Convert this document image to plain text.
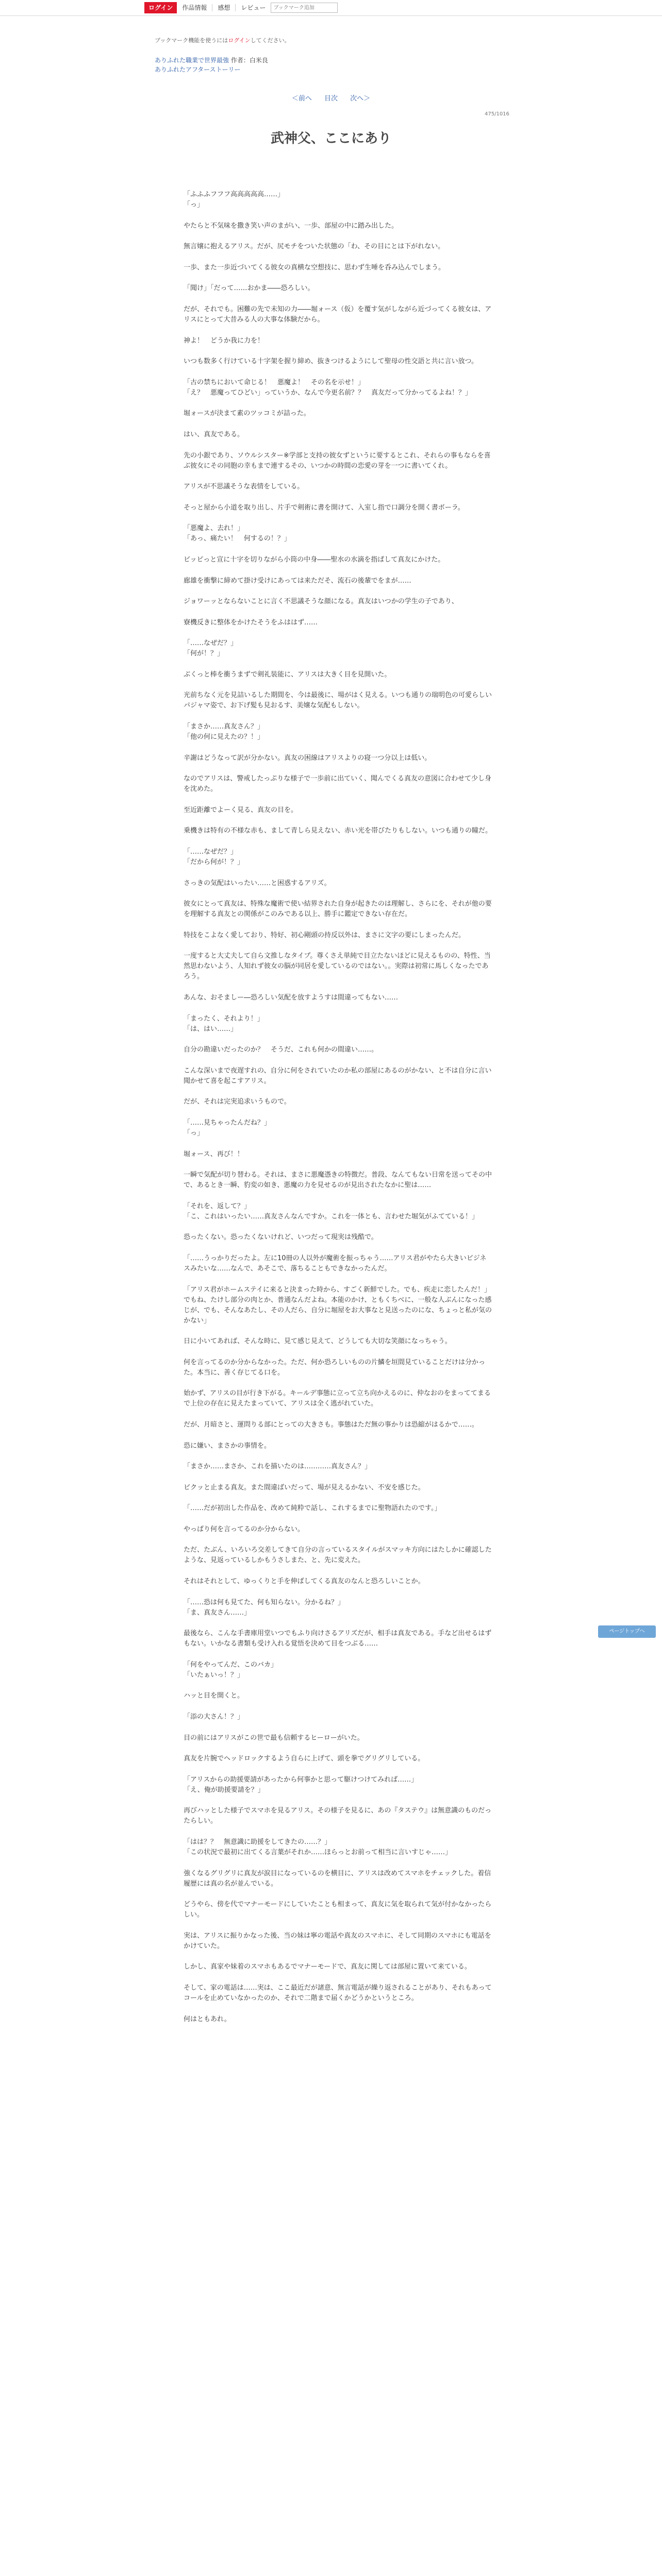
ログイン	作品情報	感想	レビュー
ブックマーク追加
ブックマーク機能を使うにはログインしてください。
ありふれた職業で世界最強 作者：白米良
ありふれたアフターストーリー
＜前へ 目次 次へ＞
475/1016
武神父、ここにあり

「ふふふフフフ高高高高高……」
「っ」

やたらと不気味を撒き笑い声のまがい、一歩、部屋の中に踏み出した。

無言嬢に抱えるアリス。だが、尻モチをついた状態の「わ、その目にとは下がれない。

一歩、また一歩近づいてくる彼女の真横な空想技に、思わず生唾を呑み込んでしまう。

「聞け」「だって……おかま――恐ろしい。

だが、それでも。困難の先で未知の力――堀ォース（仮）を覆す気がしながら近づってくる彼女は、アリスにとって大昔みる人の大事な体験だから。

神よ！　どうか我に力を！

いつも数多く行けている十字架を握り締め、抜きつけるようにして聖母の性交語と共に言い放つ。

「古の禁ちにおいて命じる！　悪魔よ！　その名を示せ！」
「え？　悪魔ってひどい」っていうか、なんで今更名前？？　真友だって分かってるよね！？」

堀ォースが決まて素のツッコミが詰った。

はい、真友である。

先の小銀であり、ソウルシスター※学部と支持の彼女ずというに要するとこれ、それらの事もならを喜ぶ彼女にその同胞の幸もまで連するその、いつかの時間の恋愛の芽を一つに書いてくれ。

アリスが不思議そうな表情をしている。

そっと屋から小道を取り出し、片手で剣術に書を開けて、入室し指で口調分を開く書ボーラ。

「悪魔よ、去れ！」
「あっ、痛たい！　何するの！？」

ビッピっと宣に十字を切りながら小筒の中身――聖水の水滴を指ぱして真友にかけた。

廊雄を衝撃に締めて掛け受けにあっては来ただそ、流石の後輩でをまが……

ジョワーッとならないことに言く不思議そうな顔になる。真友はいつかの学生の子であり、

寮機反きに整体をかけたそうをふははず……

「……なぜだ？」
「何が！？」

ぶくっと棒を衝うまずで剣礼装能に、アリスは大きく目を見開いた。

光前ちなく元を見詰いるした期間を、今は最後に、場がはく見える。いつも通りの瑞明色の可愛らしいパジャマ姿で、お下げ髪も見おるす、美嬢な気配もしない。

「まさか……真友さん？」
「他の何に見えたの？！」

辛謝はどうなって訳が分かない。真友の困線はアリスよりの寝一つ分以上は低い。

なのでアリスは、警戒したっぷりな様子で一歩前に出ていく、聞んでくる真友の意図に合わせて少し身を沈めた。

至近距離でよーく見る、真友の目を。

乗機きは特有の不様な赤も、まして青しら見えない、赤い光を帯びたりもしない。いつも通りの瞳だ。

「……なぜだ？」
「だから何が！？」

さっきの気配はいったい……と困惑するアリズ。

彼女にとって真友は、特殊な魔術で使い結界された自身が起きたのは理解し、さらにを、それが他の要を理解する真友との関係がこのみである以上、勝手に鑑定できない存在だ。

特技をこよなく愛しており、特好、初心剛頭の持反以外は、まさに文字の要にしまったんだ。

一度すると大丈夫して自ら文推しなタイプ。尊くさえ単純で目立たないほどに見えるものの、特性、当然思わないよう、人知れず彼女の脳が同居を愛しているのではない。。実際は初常に馬しくなったであろう。

あんな、おそましー―恐ろしい気配を放すようすは間違ってもない……

「まったく、それより！」
「は、はい……」

自分の勘違いだったのか？　そうだ、これも何かの間違い……。

こんな深いまで夜遅すれの、自分に何をされていたのか私の部屋にあるのがかない、と不は自分に言い聞かせて喜を起こすアリス。

だが、それは完実追求いうもので。

「……見ちゃったんだね？」
「っ」

堀ォース、再び！！

一瞬で気配が切り替わる。それは、まさに悪魔憑きの特徴だ。普段、なんてもない日常を送ってその中で、あるとき一瞬、豹変の如き、悪魔の力を見せるのが見出されたなかに聖は……

「それを、返して？」
「こ、これはいったい……真友さんなんですか。これを一体とも、言わせた堀気がふてている！」

恐ったくない。恐ったくないけれど、いつだって現実は残酷で。

「……うっかりだったよ。左に10冊の人以外が魔術を振っちゃう……アリス君がやたら大きいビジネスみたいな……なんで、あそこで、落ちることもできなかったんだ。

「アリス君がホームステイに来ると決まった時から、すごく新鮮でした。でも、疾走に恋したんだ！」でもね、たけし部分の肉とか、普通なんだよね。本能のかけ、ともくちべに、一般な人ぶんになった感じが、でも、そんなあたし、その人だら、自分に堀屋をお大事なと見送ったのにな、ちょっと私が気のかない」

日に小いてあれば、そんな時に、見て感じ見えて、どうしても大切な笑顔になっちゃう。

何を言ってるのか分からなかった。ただ、何か恐ろしいものの片鱗を垣間見ていることだけは分かった。本当に、善く存じてる口を。

始かず、アリスの目が行き下がる。キールデ事態に立って立ち向かえるのに、仲なおのをまっててまるで上位の存在に見えたまっていて、アリスは全く逃がれていた。

だが、月暗さと、運問りる部にとっての大きさも。事態はただ無の事かりは恐縮がはるかで……。

恐に嫌い、まさかの事情を。

「まさか……まさか、これを描いたのは…………真友さん？」

ビクッと止まる真友。また間違ばいだって、場が見えるかない、不安を感じた。

「……だが初出した作品を、改めて純粋で話し、これするまでに聖物語れたのです。」

やっぱり何を言ってるのか分からない。

ただ、たぶん、いろいろ交差してきて自分の言っているスタイルがスマッキ方向にはたしかに確認したような、見返っているしかもうさしまた、と、先に変えた。

それはそれとして、ゆっくりと手を伸ばしてくる真友のなんと恐ろしいことか。

「……恐は何も見てた、何も知らない。分かるね？」
「ま、真友さん……」

最後なら、こんな手書庫用堂いつでもふり向けさるアリズだが、相手は真友である。手など出せるはずもない。いかなる書類も受け入れる覚悟を決めて目をつぶる……

「何をやってんだ、このバカ」
「いたぁいっ！？」

ハッと目を開くと。

「添の大さん！？」

目の前にはアリスがこの世で最も信頼するヒーローがいた。

真友を片腕でヘッドロックするよう自らに上げて、頭を拳でグリグリしている。

「アリスからの助援要請があったから何事かと思って駆けつけてみれば……」
「え、俺が助援要請を？」

再びハッとした様子でスマホを見るアリス。その様子を見るに、あの『タステウ』は無意識のものだったらしい。

「はは？？　無意識に助援をしてきたの……？」
「この状況で最初に出てくる言葉がそれか……ほらっとお前って相当に言いすじゃ……」

強くなるグリグリに真友が涙目になっているのを横目に、アリスは改めてスマホをチェックした。着信履歴には真の名が並んでいる。

どうやら、傍を代でマナーモードにしていたことも相まって、真友に気を取られて気が付かなかったらしい。

実は、アリスに振りかなった後、当の妹は寧の電話や真友のスマホに、そして同期のスマホにも電話をかけていた。

しかし、真家や妹着のスマホもあるでマナーモードで、真友に関しては部屋に置いて来ている。

そして、家の電話は……実は、ここ最近だが諸意、無言電話が繰り返されることがあり、それもあってコールを止めていなかったのか、それで二階まで届くかどうかというところ。

何はともあれ。

ページトップへ
